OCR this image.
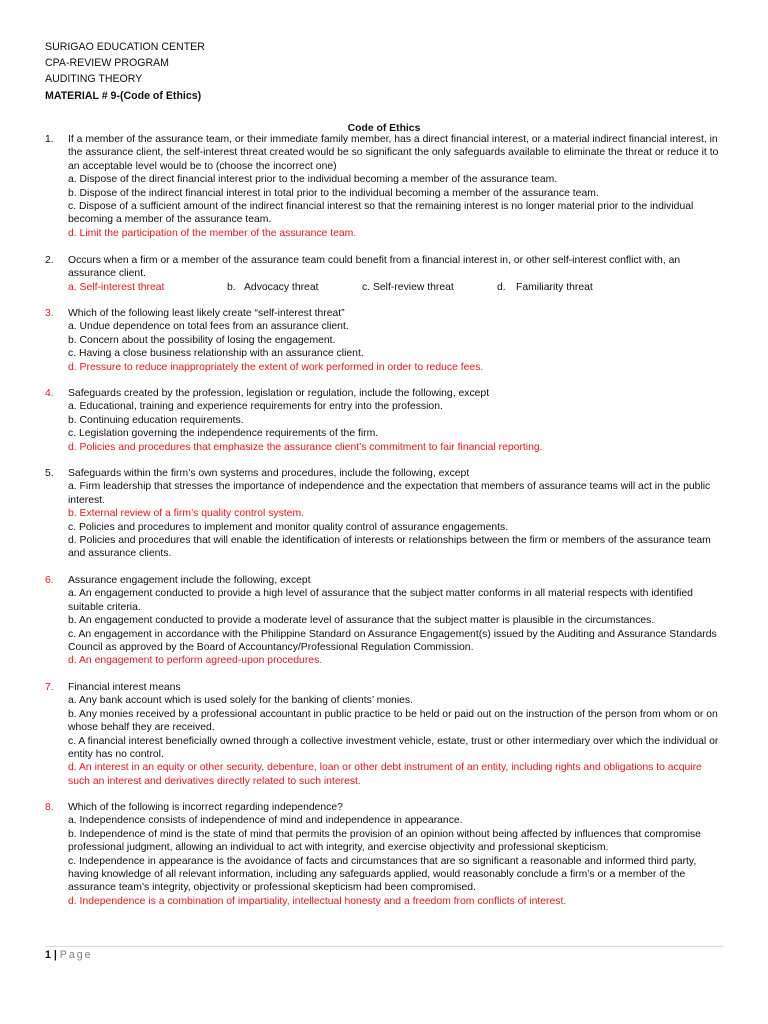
SURIGAO EDUCATION CENTER
CPA-REVIEW PROGRAM
AUDITING THEORY
MATERIAL # 9-(Code of Ethics)
Code of Ethics
1.	If a member of the assurance team, or their immediate family member, has a direct financial interest, or a material indirect financial interest, in the assurance client, the self-interest threat created would be so significant the only safeguards available to eliminate the threat or reduce it to an acceptable level would be to (choose the incorrect one)
a. Dispose of the direct financial interest prior to the individual becoming a member of the assurance team.
b. Dispose of the indirect financial interest in total prior to the individual becoming a member of the assurance team.
c. Dispose of a sufficient amount of the indirect financial interest so that the remaining interest is no longer material prior to the individual becoming a member of the assurance team.
d. Limit the participation of the member of the assurance team.
2.	Occurs when a firm or a member of the assurance team could benefit from a financial interest in, or other self-interest conflict with, an assurance client.
a. Self-interest threat	b. Advocacy threat	c. Self-review threat	d. Familiarity threat
3.	Which of the following least likely create “self-interest threat”
a. Undue dependence on total fees from an assurance client.
b. Concern about the possibility of losing the engagement.
c. Having a close business relationship with an assurance client.
d. Pressure to reduce inappropriately the extent of work performed in order to reduce fees.
4.	Safeguards created by the profession, legislation or regulation, include the following, except
a. Educational, training and experience requirements for entry into the profession.
b. Continuing education requirements.
c. Legislation governing the independence requirements of the firm.
d. Policies and procedures that emphasize the assurance client’s commitment to fair financial reporting.
5.	Safeguards within the firm’s own systems and procedures, include the following, except
a. Firm leadership that stresses the importance of independence and the expectation that members of assurance teams will act in the public interest.
b. External review of a firm’s quality control system.
c. Policies and procedures to implement and monitor quality control of assurance engagements.
d. Policies and procedures that will enable the identification of interests or relationships between the firm or members of the assurance team and assurance clients.
6.	Assurance engagement include the following, except
a. An engagement conducted to provide a high level of assurance that the subject matter conforms in all material respects with identified suitable criteria.
b. An engagement conducted to provide a moderate level of assurance that the subject matter is plausible in the circumstances.
c. An engagement in accordance with the Philippine Standard on Assurance Engagement(s) issued by the Auditing and Assurance Standards Council as approved by the Board of Accountancy/Professional Regulation Commission.
d. An engagement to perform agreed-upon procedures.
7.	Financial interest means
a. Any bank account which is used solely for the banking of clients’ monies.
b. Any monies received by a professional accountant in public practice to be held or paid out on the instruction of the person from whom or on whose behalf they are received.
c. A financial interest beneficially owned through a collective investment vehicle, estate, trust or other intermediary over which the individual or entity has no control.
d. An interest in an equity or other security, debenture, loan or other debt instrument of an entity, including rights and obligations to acquire such an interest and derivatives directly related to such interest.
8.	Which of the following is incorrect regarding independence?
a. Independence consists of independence of mind and independence in appearance.
b. Independence of mind is the state of mind that permits the provision of an opinion without being affected by influences that compromise professional judgment, allowing an individual to act with integrity, and exercise objectivity and professional skepticism.
c. Independence in appearance is the avoidance of facts and circumstances that are so significant a reasonable and informed third party, having knowledge of all relevant information, including any safeguards applied, would reasonably conclude a firm’s or a member of the assurance team’s integrity, objectivity or professional skepticism had been compromised.
d. Independence is a combination of impartiality, intellectual honesty and a freedom from conflicts of interest.
1 | Page
